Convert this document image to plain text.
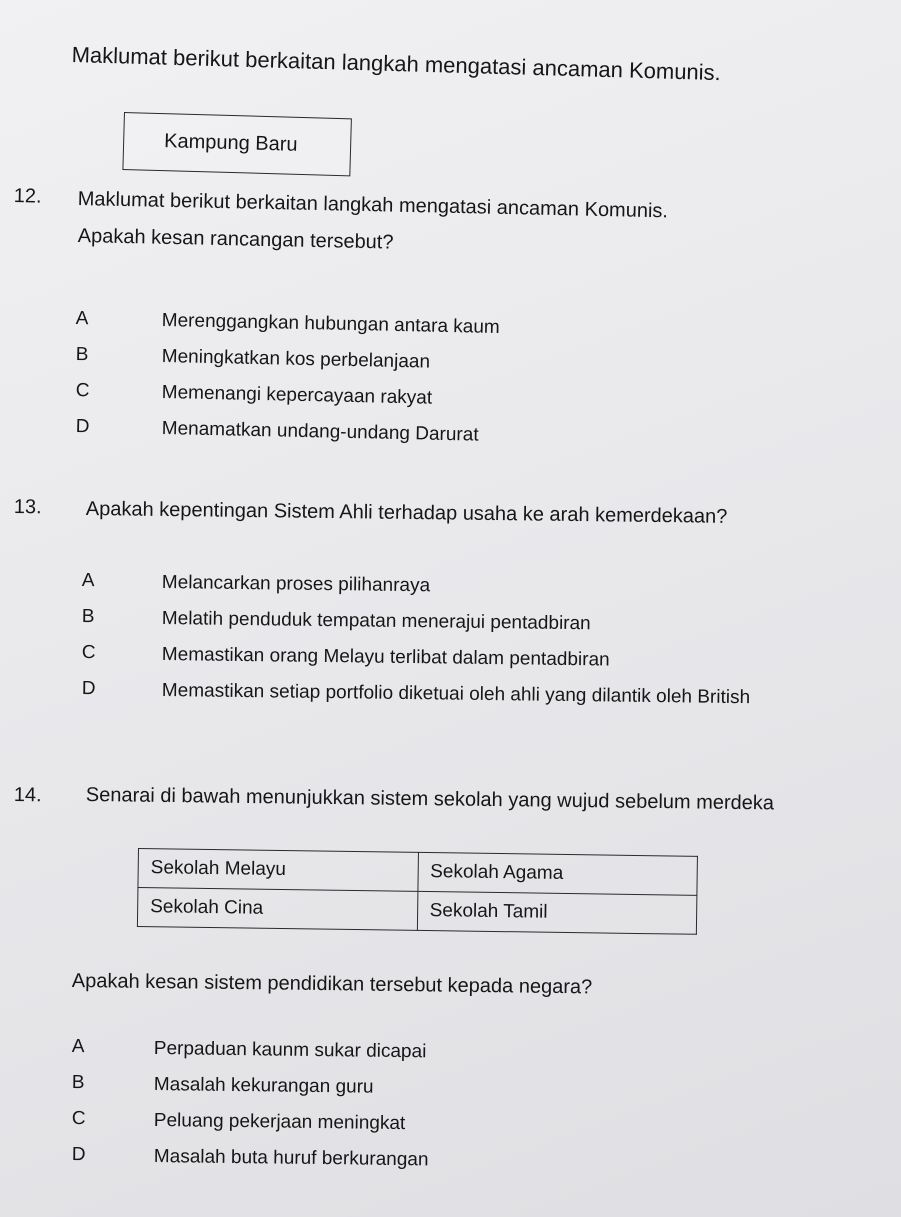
Maklumat berikut berkaitan langkah mengatasi ancaman Komunis.
Kampung Baru
12. Maklumat berikut berkaitan langkah mengatasi ancaman Komunis.
Apakah kesan rancangan tersebut?
A	Merenggangkan hubungan antara kaum
B	Meningkatkan kos perbelanjaan
C	Memenangi kepercayaan rakyat
D	Menamatkan undang-undang Darurat
13. Apakah kepentingan Sistem Ahli terhadap usaha ke arah kemerdekaan?
A	Melancarkan proses pilihanraya
B	Melatih penduduk tempatan menerajui pentadbiran
C	Memastikan orang Melayu terlibat dalam pentadbiran
D	Memastikan setiap portfolio diketuai oleh ahli yang dilantik oleh British
14. Senarai di bawah menunjukkan sistem sekolah yang wujud sebelum merdeka
Sekolah Melayu	Sekolah Agama
Sekolah Cina	Sekolah Tamil
Apakah kesan sistem pendidikan tersebut kepada negara?
A	Perpaduan kaunm sukar dicapai
B	Masalah kekurangan guru
C	Peluang pekerjaan meningkat
D	Masalah buta huruf berkurangan
